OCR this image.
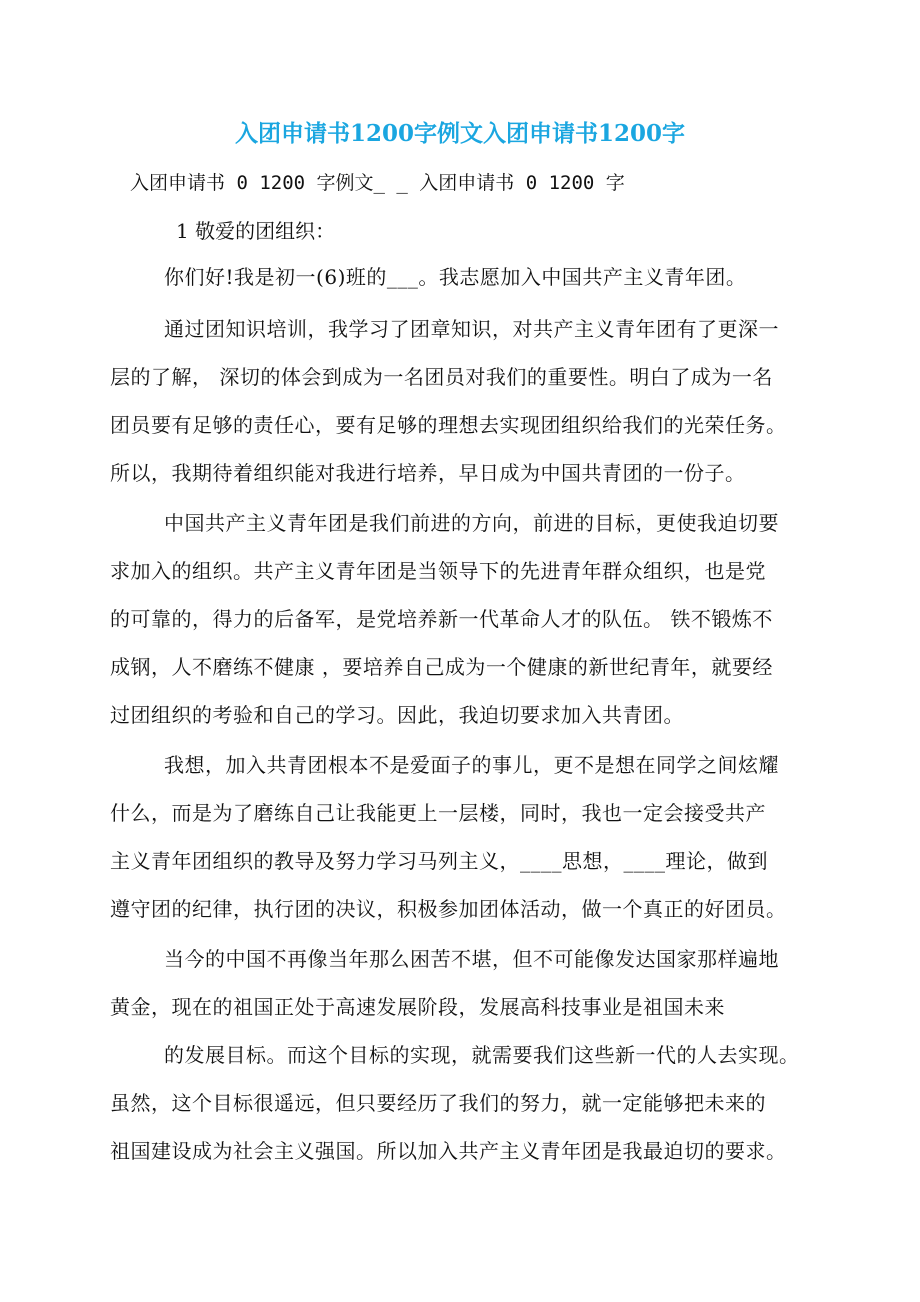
入团申请书1200字例文入团申请书1200字
入团申请书 0 1200 字例文_ _ 入团申请书 0 1200 字
1 敬爱的团组织：
你们好!我是初一(6)班的___。我志愿加入中国共产主义青年团。
通过团知识培训，我学习了团章知识，对共产主义青年团有了更深一
层的了解， 深切的体会到成为一名团员对我们的重要性。明白了成为一名
团员要有足够的责任心，要有足够的理想去实现团组织给我们的光荣任务。
所以，我期待着组织能对我进行培养，早日成为中国共青团的一份子。
中国共产主义青年团是我们前进的方向，前进的目标，更使我迫切要
求加入的组织。共产主义青年团是当领导下的先进青年群众组织，也是党
的可靠的，得力的后备军，是党培养新一代革命人才的队伍。 铁不锻炼不
成钢，人不磨练不健康 ，要培养自己成为一个健康的新世纪青年，就要经
过团组织的考验和自己的学习。因此，我迫切要求加入共青团。
我想，加入共青团根本不是爱面子的事儿，更不是想在同学之间炫耀
什么，而是为了磨练自己让我能更上一层楼，同时，我也一定会接受共产
主义青年团组织的教导及努力学习马列主义，____思想，____理论，做到
遵守团的纪律，执行团的决议，积极参加团体活动，做一个真正的好团员。
当今的中国不再像当年那么困苦不堪，但不可能像发达国家那样遍地
黄金，现在的祖国正处于高速发展阶段，发展高科技事业是祖国未来
的发展目标。而这个目标的实现，就需要我们这些新一代的人去实现。
虽然，这个目标很遥远，但只要经历了我们的努力，就一定能够把未来的
祖国建设成为社会主义强国。所以加入共产主义青年团是我最迫切的要求。
